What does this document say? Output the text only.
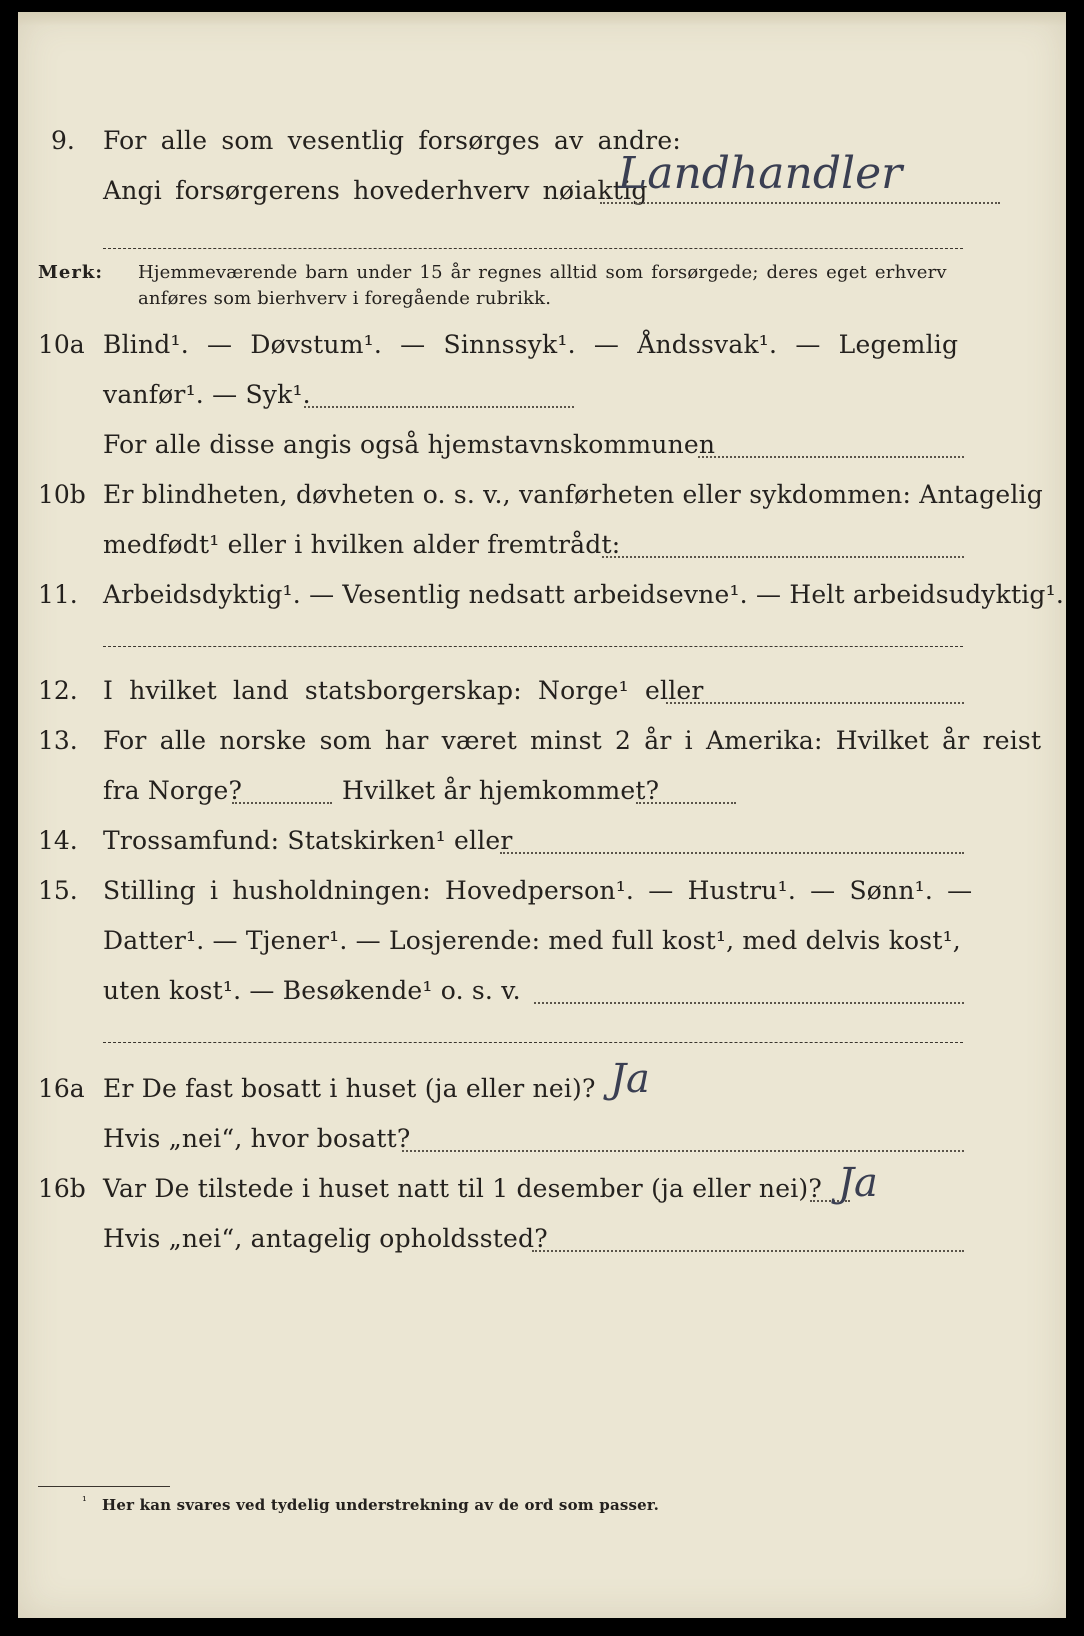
9. For alle som vesentlig forsørges av andre:
Angi forsørgerens hovederhverv nøiaktig
Landhandler
Merk: Hjemmeværende barn under 15 år regnes alltid som forsørgede; deres eget erhverv
anføres som bierhverv i foregående rubrikk.
10a Blind¹. — Døvstum¹. — Sinnssyk¹. — Åndssvak¹. — Legemlig
vanfør¹. — Syk¹.
For alle disse angis også hjemstavnskommunen
10b Er blindheten, døvheten o. s. v., vanførheten eller sykdommen: Antagelig
medfødt¹ eller i hvilken alder fremtrådt:
11. Arbeidsdyktig¹. — Vesentlig nedsatt arbeidsevne¹. — Helt arbeidsudyktig¹.
12. I hvilket land statsborgerskap: Norge¹ eller
13. For alle norske som har været minst 2 år i Amerika: Hvilket år reist
fra Norge?	Hvilket år hjemkommet?
14. Trossamfund: Statskirken¹ eller
15. Stilling i husholdningen: Hovedperson¹. — Hustru¹. — Sønn¹. —
Datter¹. — Tjener¹. — Losjerende: med full kost¹, med delvis kost¹,
uten kost¹. — Besøkende¹ o. s. v.
16a Er De fast bosatt i huset (ja eller nei)? Ja
Hvis „nei“, hvor bosatt?
16b Var De tilstede i huset natt til 1 desember (ja eller nei)? Ja
Hvis „nei“, antagelig opholdssted?
¹ Her kan svares ved tydelig understrekning av de ord som passer.
